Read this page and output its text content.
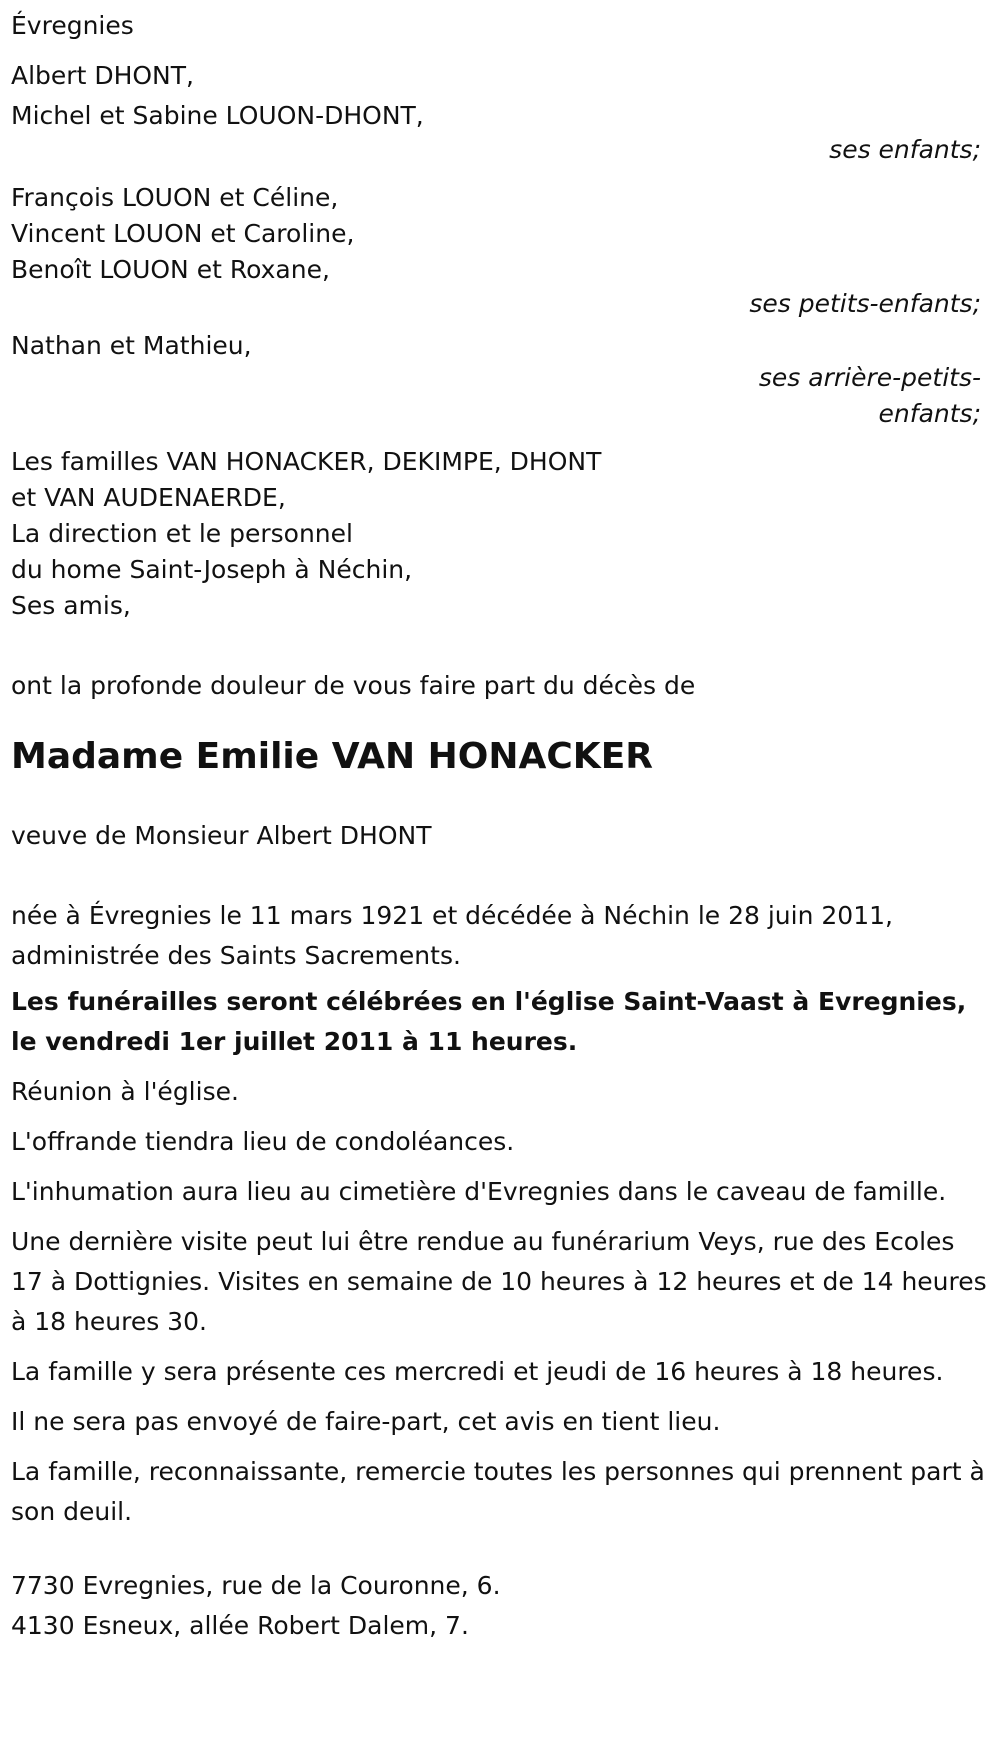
Évregnies
Albert DHONT,
Michel et Sabine LOUON-DHONT,
ses enfants;
François LOUON et Céline,
Vincent LOUON et Caroline,
Benoît LOUON et Roxane,
ses petits-enfants;
Nathan et Mathieu,
ses arrière-petits-
enfants;
Les familles VAN HONACKER, DEKIMPE, DHONT
et VAN AUDENAERDE,
La direction et le personnel
du home Saint-Joseph à Néchin,
Ses amis,
ont la profonde douleur de vous faire part du décès de
Madame Emilie VAN HONACKER
veuve de Monsieur Albert DHONT
née à Évregnies le 11 mars 1921 et décédée à Néchin le 28 juin 2011,
administrée des Saints Sacrements.
Les funérailles seront célébrées en l'église Saint-Vaast à Evregnies, le vendredi 1er juillet 2011 à 11 heures.
Réunion à l'église.
L'offrande tiendra lieu de condoléances.
L'inhumation aura lieu au cimetière d'Evregnies dans le caveau de famille.
Une dernière visite peut lui être rendue au funérarium Veys, rue des Ecoles 17 à Dottignies. Visites en semaine de 10 heures à 12 heures et de 14 heures à 18 heures 30.
La famille y sera présente ces mercredi et jeudi de 16 heures à 18 heures.
Il ne sera pas envoyé de faire-part, cet avis en tient lieu.
La famille, reconnaissante, remercie toutes les personnes qui prennent part à son deuil.
7730 Evregnies, rue de la Couronne, 6.
4130 Esneux, allée Robert Dalem, 7.
